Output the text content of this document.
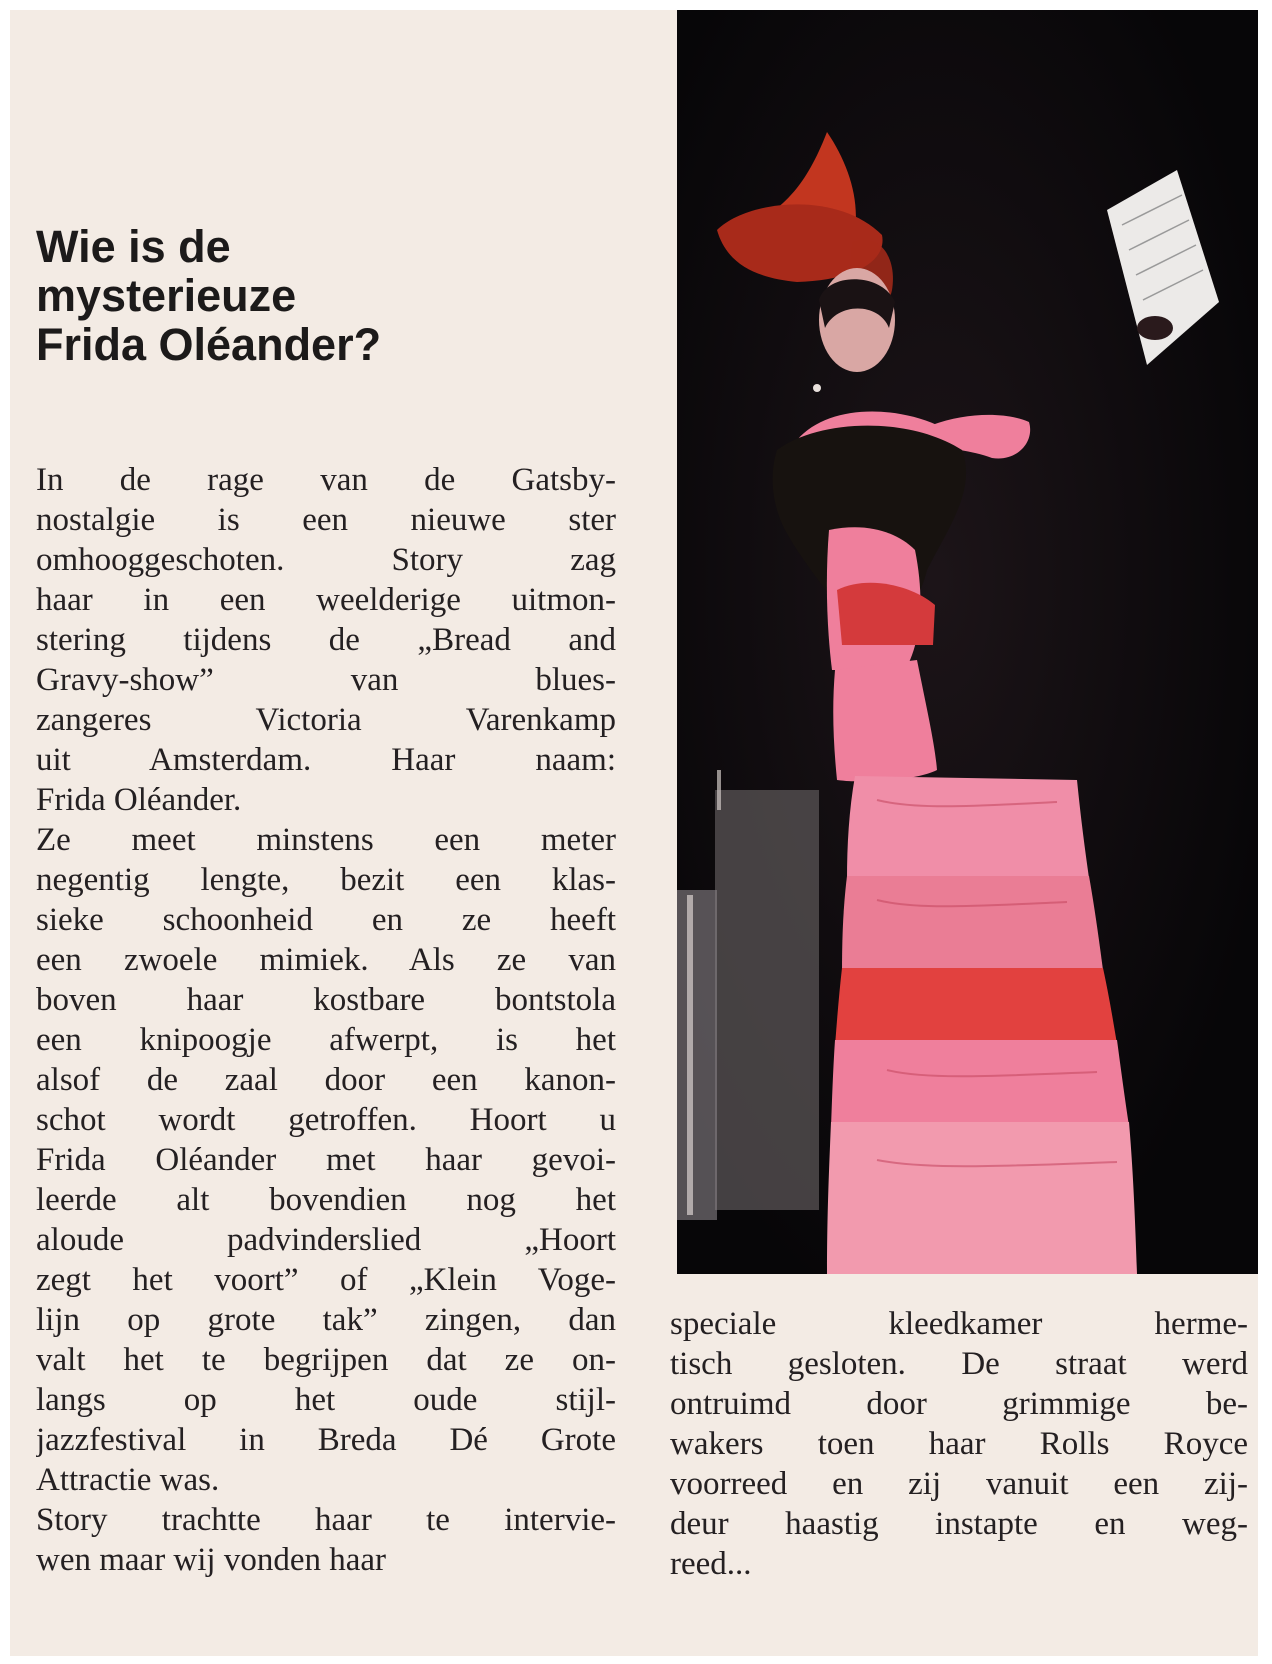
Wie is de
mysterieuze
Frida Oléander?
In de rage van de Gatsby-
nostalgie is een nieuwe ster
omhooggeschoten. Story zag
haar in een weelderige uitmon-
stering tijdens de „Bread and
Gravy-show” van blues-
zangeres Victoria Varenkamp
uit Amsterdam. Haar naam:
Frida Oléander.
Ze meet minstens een meter
negentig lengte, bezit een klas-
sieke schoonheid en ze heeft
een zwoele mimiek. Als ze van
boven haar kostbare bontstola
een knipoogje afwerpt, is het
alsof de zaal door een kanon-
schot wordt getroffen. Hoort u
Frida Oléander met haar gevoi-
leerde alt bovendien nog het
aloude padvinderslied „Hoort
zegt het voort” of „Klein Voge-
lijn op grote tak” zingen, dan
valt het te begrijpen dat ze on-
langs op het oude stijl-
jazzfestival in Breda Dé Grote
Attractie was.
Story trachtte haar te intervie-
wen maar wij vonden haar
speciale kleedkamer herme-
tisch gesloten. De straat werd
ontruimd door grimmige be-
wakers toen haar Rolls Royce
voorreed en zij vanuit een zij-
deur haastig instapte en weg-
reed...
